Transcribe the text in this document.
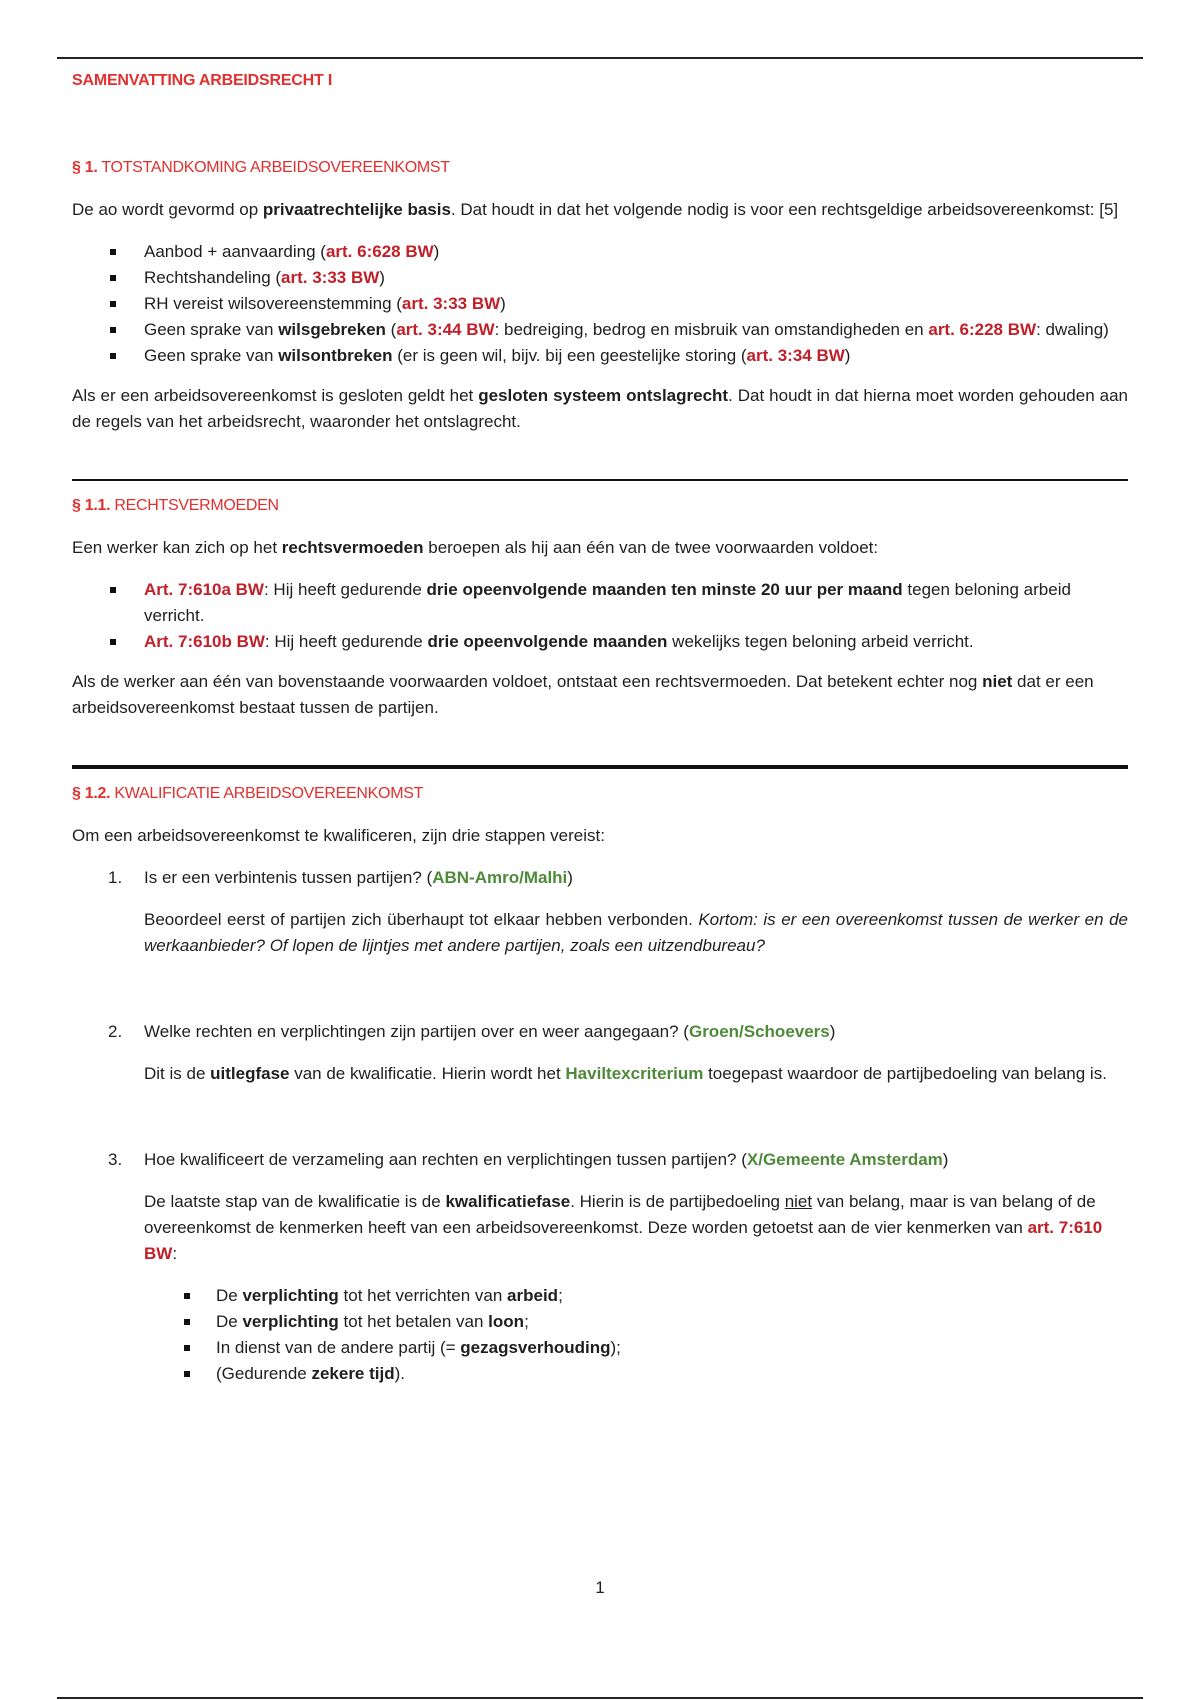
SAMENVATTING ARBEIDSRECHT I
§ 1. TOTSTANDKOMING ARBEIDSOVEREENKOMST

De ao wordt gevormd op privaatrechtelijke basis. Dat houdt in dat het volgende nodig is voor een rechtsgeldige arbeidsovereenkomst: [5]

Aanbod + aanvaarding (art. 6:628 BW)
Rechtshandeling (art. 3:33 BW)
RH vereist wilsovereenstemming (art. 3:33 BW)
Geen sprake van wilsgebreken (art. 3:44 BW: bedreiging, bedrog en misbruik van omstandigheden en art. 6:228 BW: dwaling)
Geen sprake van wilsontbreken (er is geen wil, bijv. bij een geestelijke storing (art. 3:34 BW)

Als er een arbeidsovereenkomst is gesloten geldt het gesloten systeem ontslagrecht. Dat houdt in dat hierna moet worden gehouden aan de regels van het arbeidsrecht, waaronder het ontslagrecht.

§ 1.1. RECHTSVERMOEDEN

Een werker kan zich op het rechtsvermoeden beroepen als hij aan één van de twee voorwaarden voldoet:

Art. 7:610a BW: Hij heeft gedurende drie opeenvolgende maanden ten minste 20 uur per maand tegen beloning arbeid verricht.
Art. 7:610b BW: Hij heeft gedurende drie opeenvolgende maanden wekelijks tegen beloning arbeid verricht.

Als de werker aan één van bovenstaande voorwaarden voldoet, ontstaat een rechtsvermoeden. Dat betekent echter nog niet dat er een arbeidsovereenkomst bestaat tussen de partijen.

§ 1.2. KWALIFICATIE ARBEIDSOVEREENKOMST

Om een arbeidsovereenkomst te kwalificeren, zijn drie stappen vereist:

1. Is er een verbintenis tussen partijen? (ABN-Amro/Malhi)

Beoordeel eerst of partijen zich überhaupt tot elkaar hebben verbonden. Kortom: is er een overeenkomst tussen de werker en de werkaanbieder? Of lopen de lijntjes met andere partijen, zoals een uitzendbureau?

2. Welke rechten en verplichtingen zijn partijen over en weer aangegaan? (Groen/Schoevers)

Dit is de uitlegfase van de kwalificatie. Hierin wordt het Haviltexcriterium toegepast waardoor de partijbedoeling van belang is.

3. Hoe kwalificeert de verzameling aan rechten en verplichtingen tussen partijen? (X/Gemeente Amsterdam)

De laatste stap van de kwalificatie is de kwalificatiefase. Hierin is de partijbedoeling niet van belang, maar is van belang of de overeenkomst de kenmerken heeft van een arbeidsovereenkomst. Deze worden getoetst aan de vier kenmerken van art. 7:610 BW:

De verplichting tot het verrichten van arbeid;
De verplichting tot het betalen van loon;
In dienst van de andere partij (= gezagsverhouding);
(Gedurende zekere tijd).
1
